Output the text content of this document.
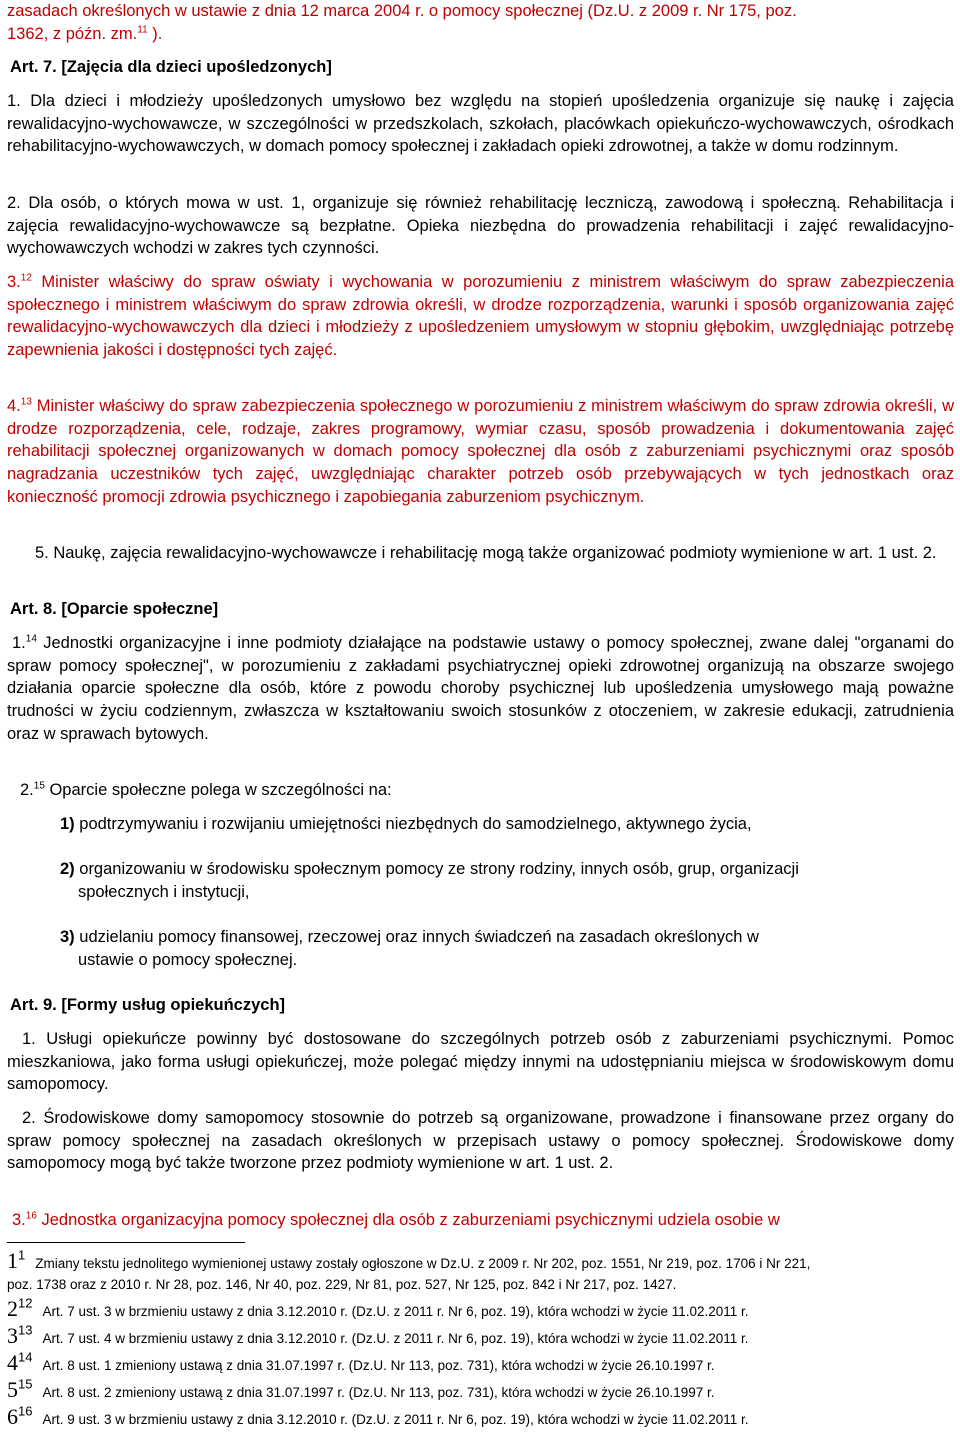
zasadach określonych w ustawie z dnia 12 marca 2004 r. o pomocy społecznej (Dz.U. z 2009 r. Nr 175, poz.
1362, z późn. zm.$^{11}$ ).
Art. 7. [Zajęcia dla dzieci upośledzonych]
1. Dla dzieci i młodzieży upośledzonych umysłowo bez względu na stopień upośledzenia organizuje się naukę i zajęcia rewalidacyjno-wychowawcze, w szczególności w przedszkolach, szkołach, placówkach opiekuńczo-wychowawczych, ośrodkach rehabilitacyjno-wychowawczych, w domach pomocy społecznej i zakładach opieki zdrowotnej, a także w domu rodzinnym.
2. Dla osób, o których mowa w ust. 1, organizuje się również rehabilitację leczniczą, zawodową i społeczną. Rehabilitacja i zajęcia rewalidacyjno-wychowawcze są bezpłatne. Opieka niezbędna do prowadzenia rehabilitacji i zajęć rewalidacyjno-wychowawczych wchodzi w zakres tych czynności.
3.12 Minister właściwy do spraw oświaty i wychowania w porozumieniu z ministrem właściwym do spraw zabezpieczenia społecznego i ministrem właściwym do spraw zdrowia określi, w drodze rozporządzenia, warunki i sposób organizowania zajęć rewalidacyjno-wychowawczych dla dzieci i młodzieży z upośledzeniem umysłowym w stopniu głębokim, uwzględniając potrzebę zapewnienia jakości i dostępności tych zajęć.
4.13 Minister właściwy do spraw zabezpieczenia społecznego w porozumieniu z ministrem właściwym do spraw zdrowia określi, w drodze rozporządzenia, cele, rodzaje, zakres programowy, wymiar czasu, sposób prowadzenia i dokumentowania zajęć rehabilitacji społecznej organizowanych w domach pomocy społecznej dla osób z zaburzeniami psychicznymi oraz sposób nagradzania uczestników tych zajęć, uwzględniając charakter potrzeb osób przebywających w tych jednostkach oraz konieczność promocji zdrowia psychicznego i zapobiegania zaburzeniom psychicznym.
5. Naukę, zajęcia rewalidacyjno-wychowawcze i rehabilitację mogą także organizować podmioty wymienione w art. 1 ust. 2.
Art. 8. [Oparcie społeczne]
1.14 Jednostki organizacyjne i inne podmioty działające na podstawie ustawy o pomocy społecznej, zwane dalej "organami do spraw pomocy społecznej", w porozumieniu z zakładami psychiatrycznej opieki zdrowotnej organizują na obszarze swojego działania oparcie społeczne dla osób, które z powodu choroby psychicznej lub upośledzenia umysłowego mają poważne trudności w życiu codziennym, zwłaszcza w kształtowaniu swoich stosunków z otoczeniem, w zakresie edukacji, zatrudnienia oraz w sprawach bytowych.
2.15 Oparcie społeczne polega w szczególności na:
1) podtrzymywaniu i rozwijaniu umiejętności niezbędnych do samodzielnego, aktywnego życia,
2) organizowaniu w środowisku społecznym pomocy ze strony rodziny, innych osób, grup, organizacji
społecznych i instytucji,
3) udzielaniu pomocy finansowej, rzeczowej oraz innych świadczeń na zasadach określonych w
ustawie o pomocy społecznej.
Art. 9. [Formy usług opiekuńczych]
1. Usługi opiekuńcze powinny być dostosowane do szczególnych potrzeb osób z zaburzeniami psychicznymi. Pomoc mieszkaniowa, jako forma usługi opiekuńczej, może polegać między innymi na udostępnianiu miejsca w środowiskowym domu samopomocy.
2. Środowiskowe domy samopomocy stosownie do potrzeb są organizowane, prowadzone i finansowane przez organy do spraw pomocy społecznej na zasadach określonych w przepisach ustawy o pomocy społecznej. Środowiskowe domy samopomocy mogą być także tworzone przez podmioty wymienione w art. 1 ust. 2.
3.16 Jednostka organizacyjna pomocy społecznej dla osób z zaburzeniami psychicznymi udziela osobie w
$1^1Zmiany$ tekstu jednolitego wymienionej ustawy zostały ogłoszone w Dz.U. z 2009 r. Nr 202, poz. 1551, Nr 219, poz. 1706 i Nr 221,
poz. 1738 oraz z 2010 r. Nr 28, poz. 146, Nr 40, poz. 229, Nr 81, poz. 527, Nr 125, poz. 842 i Nr 217, poz. 1427.
$2^{12}Art$. 7 ust. 3 w brzmieniu ustawy z dnia 3.12.2010 r. (Dz.U. z 2011 r. Nr 6, poz. 19), która wchodzi w życie 11.02.2011 r.
$3^{13}Art$. 7 ust. 4 w brzmieniu ustawy z dnia 3.12.2010 r. (Dz.U. z 2011 r. Nr 6, poz. 19), która wchodzi w życie 11.02.2011 r.
$4^{14}Art$. 8 ust. 1 zmieniony ustawą z dnia 31.07.1997 r. (Dz.U. Nr 113, poz. 731), która wchodzi w życie 26.10.1997 r.
$5^{15}Art$. 8 ust. 2 zmieniony ustawą z dnia 31.07.1997 r. (Dz.U. Nr 113, poz. 731), która wchodzi w życie 26.10.1997 r.
$6^{16}Art$. 9 ust. 3 w brzmieniu ustawy z dnia 3.12.2010 r. (Dz.U. z 2011 r. Nr 6, poz. 19), która wchodzi w życie 11.02.2011 r.
